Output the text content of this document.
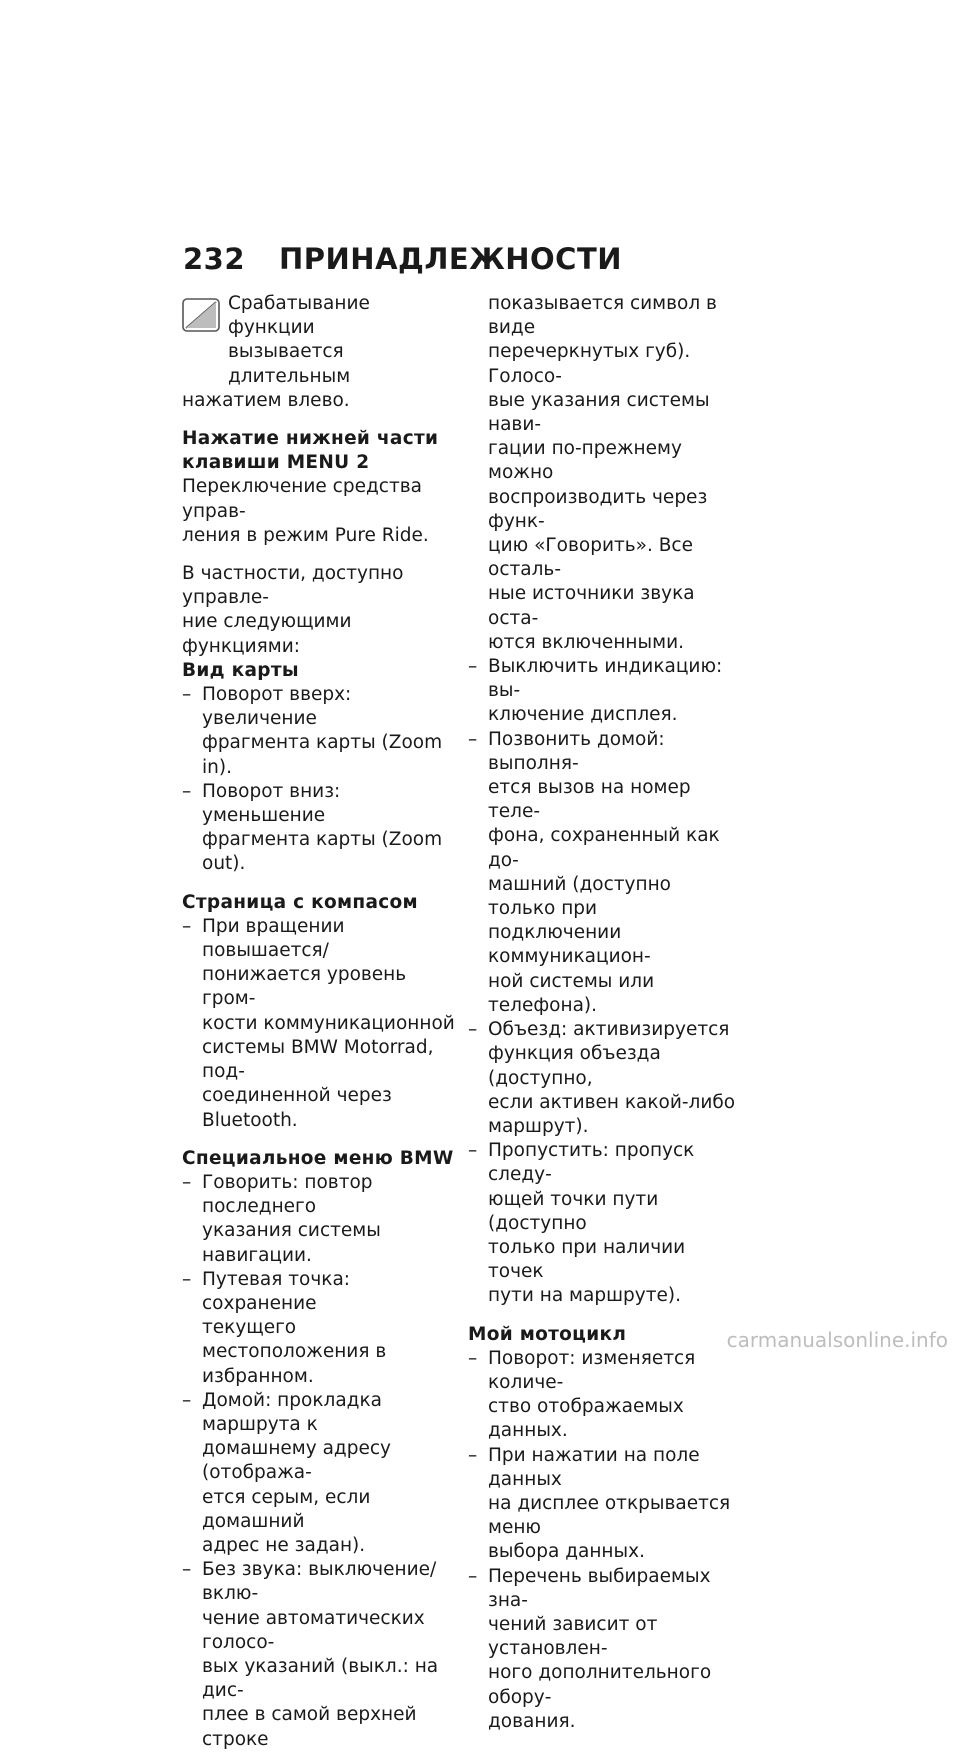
232 ПРИНАДЛЕЖНОСТИ
Срабатывание функции
вызывается длительным
нажатием влево.
Нажатие нижней части
клавиши MENU 2
Переключение средства управ-
ления в режим Pure Ride.
В частности, доступно управле-
ние следующими функциями:
Вид карты
– Поворот вверх: увеличение
фрагмента карты (Zoom in).
– Поворот вниз: уменьшение
фрагмента карты (Zoom out).
Страница с компасом
– При вращении повышается/
понижается уровень гром-
кости коммуникационной
системы BMW Motorrad, под-
соединенной через Bluetooth.
Специальное меню BMW
– Говорить: повтор последнего
указания системы навигации.
– Путевая точка: сохранение
текущего местоположения в
избранном.
– Домой: прокладка маршрута к
домашнему адресу (отобража-
ется серым, если домашний
адрес не задан).
– Без звука: выключение/вклю-
чение автоматических голосо-
вых указаний (выкл.: на дис-
плее в самой верхней строке
показывается символ в виде
перечеркнутых губ). Голосо-
вые указания системы нави-
гации по-прежнему можно
воспроизводить через функ-
цию «Говорить». Все осталь-
ные источники звука оста-
ются включенными.
– Выключить индикацию: вы-
ключение дисплея.
– Позвонить домой: выполня-
ется вызов на номер теле-
фона, сохраненный как до-
машний (доступно только при
подключении коммуникацион-
ной системы или телефона).
– Объезд: активизируется
функция объезда (доступно,
если активен какой-либо
маршрут).
– Пропустить: пропуск следу-
ющей точки пути (доступно
только при наличии точек
пути на маршруте).
Мой мотоцикл
– Поворот: изменяется количе-
ство отображаемых данных.
– При нажатии на поле данных
на дисплее открывается меню
выбора данных.
– Перечень выбираемых зна-
чений зависит от установлен-
ного дополнительного обору-
дования.
carmanualsonline.info
